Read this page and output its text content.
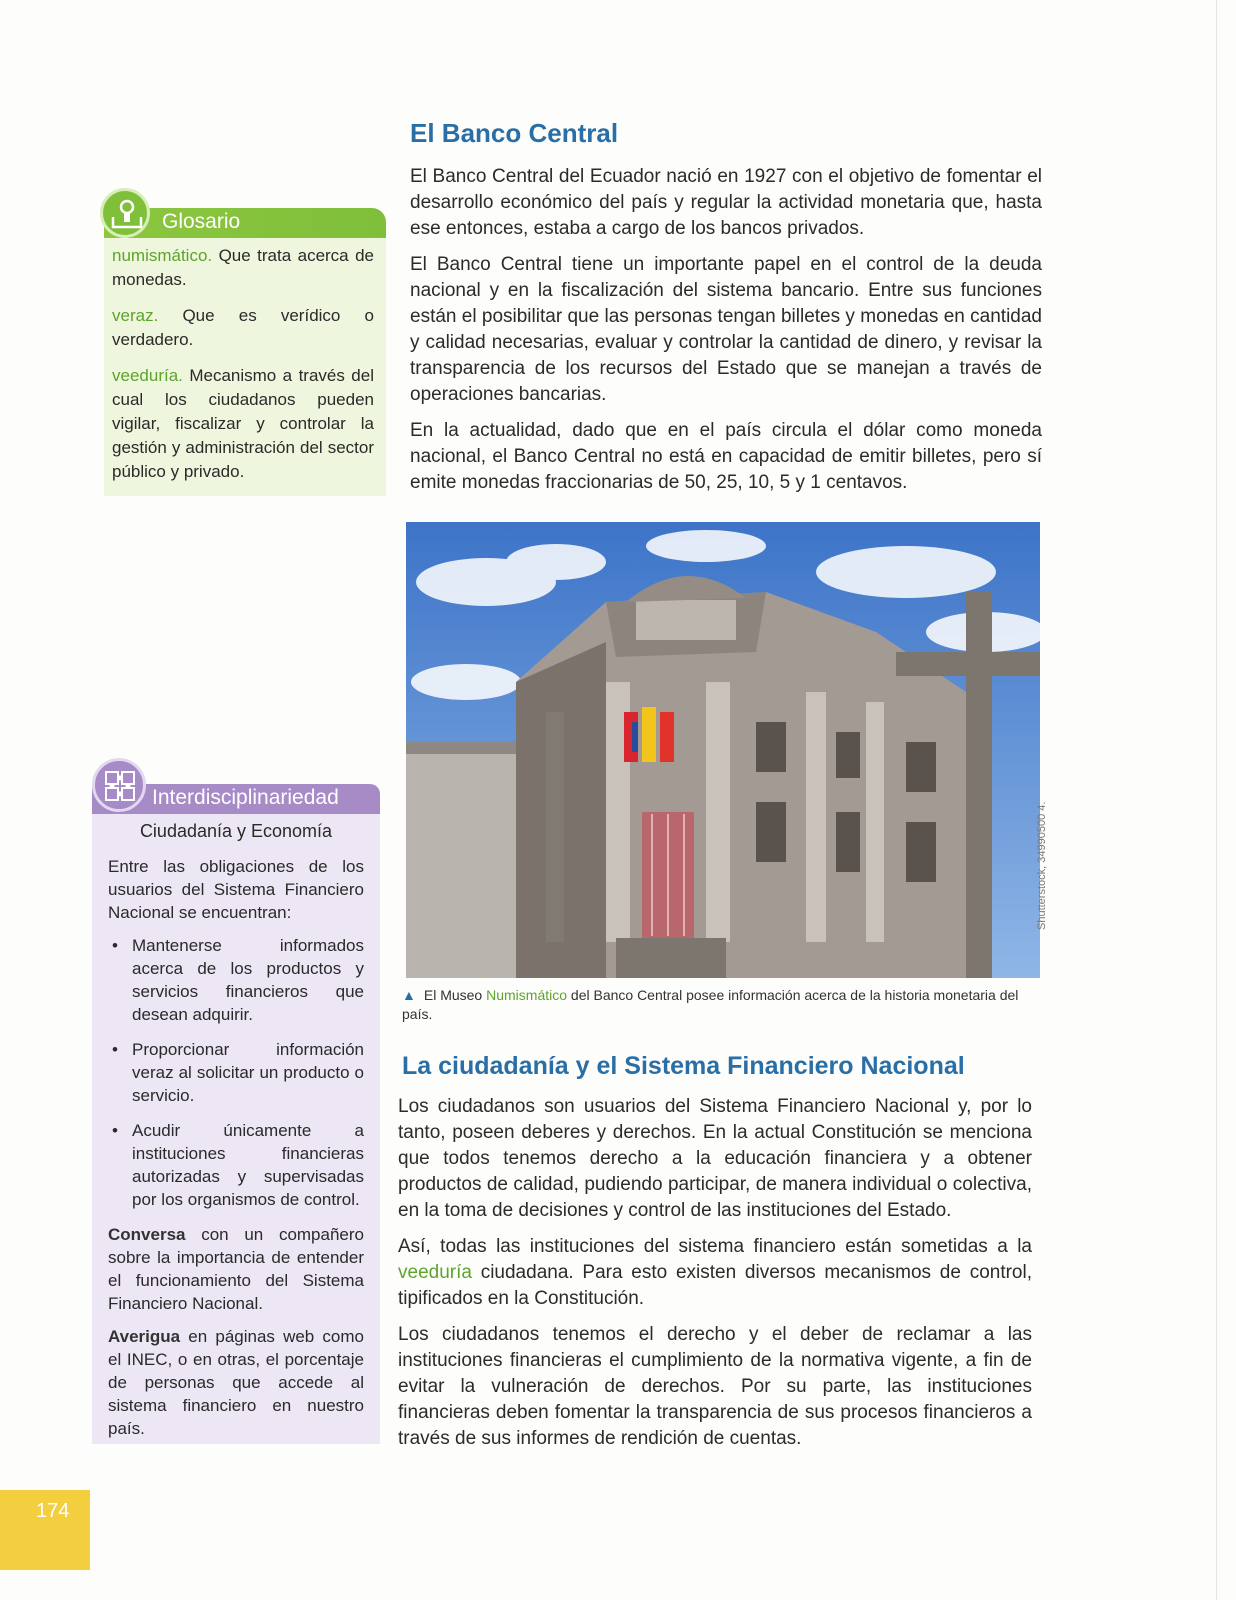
Glosario

numismático. Que trata acerca de monedas.

veraz. Que es verídico o verdadero.

veeduría. Mecanismo a través del cual los ciudadanos pueden vigilar, fiscalizar y controlar la gestión y administración del sector público y privado.

Interdisciplinariedad
Ciudadanía y Economía

Entre las obligaciones de los usuarios del Sistema Financiero Nacional se encuentran:

• Mantenerse informados acerca de los productos y servicios financieros que desean adquirir.
• Proporcionar información veraz al solicitar un producto o servicio.
• Acudir únicamente a instituciones financieras autorizadas y supervisadas por los organismos de control.

Conversa con un compañero sobre la importancia de entender el funcionamiento del Sistema Financiero Nacional.

Averigua en páginas web como el INEC, o en otras, el porcentaje de personas que accede al sistema financiero en nuestro país.

El Banco Central

El Banco Central del Ecuador nació en 1927 con el objetivo de fomentar el desarrollo económico del país y regular la actividad monetaria que, hasta ese entonces, estaba a cargo de los bancos privados.

El Banco Central tiene un importante papel en el control de la deuda nacional y en la fiscalización del sistema bancario. Entre sus funciones están el posibilitar que las personas tengan billetes y monedas en cantidad y calidad necesarias, evaluar y controlar la cantidad de dinero, y revisar la transparencia de los recursos del Estado que se manejan a través de operaciones bancarias.

En la actualidad, dado que en el país circula el dólar como moneda nacional, el Banco Central no está en capacidad de emitir billetes, pero sí emite monedas fraccionarias de 50, 25, 10, 5 y 1 centavos.

Shutterstock, 34990500 4.
▲ El Museo Numismático del Banco Central posee información acerca de la historia monetaria del país.
La ciudadanía y el Sistema Financiero Nacional

Los ciudadanos son usuarios del Sistema Financiero Nacional y, por lo tanto, poseen deberes y derechos. En la actual Constitución se menciona que todos tenemos derecho a la educación financiera y a obtener productos de calidad, pudiendo participar, de manera individual o colectiva, en la toma de decisiones y control de las instituciones del Estado.

Así, todas las instituciones del sistema financiero están sometidas a la veeduría ciudadana. Para esto existen diversos mecanismos de control, tipificados en la Constitución.

Los ciudadanos tenemos el derecho y el deber de reclamar a las instituciones financieras el cumplimiento de la normativa vigente, a fin de evitar la vulneración de derechos. Por su parte, las instituciones financieras deben fomentar la transparencia de sus procesos financieros a través de sus informes de rendición de cuentas.

174
